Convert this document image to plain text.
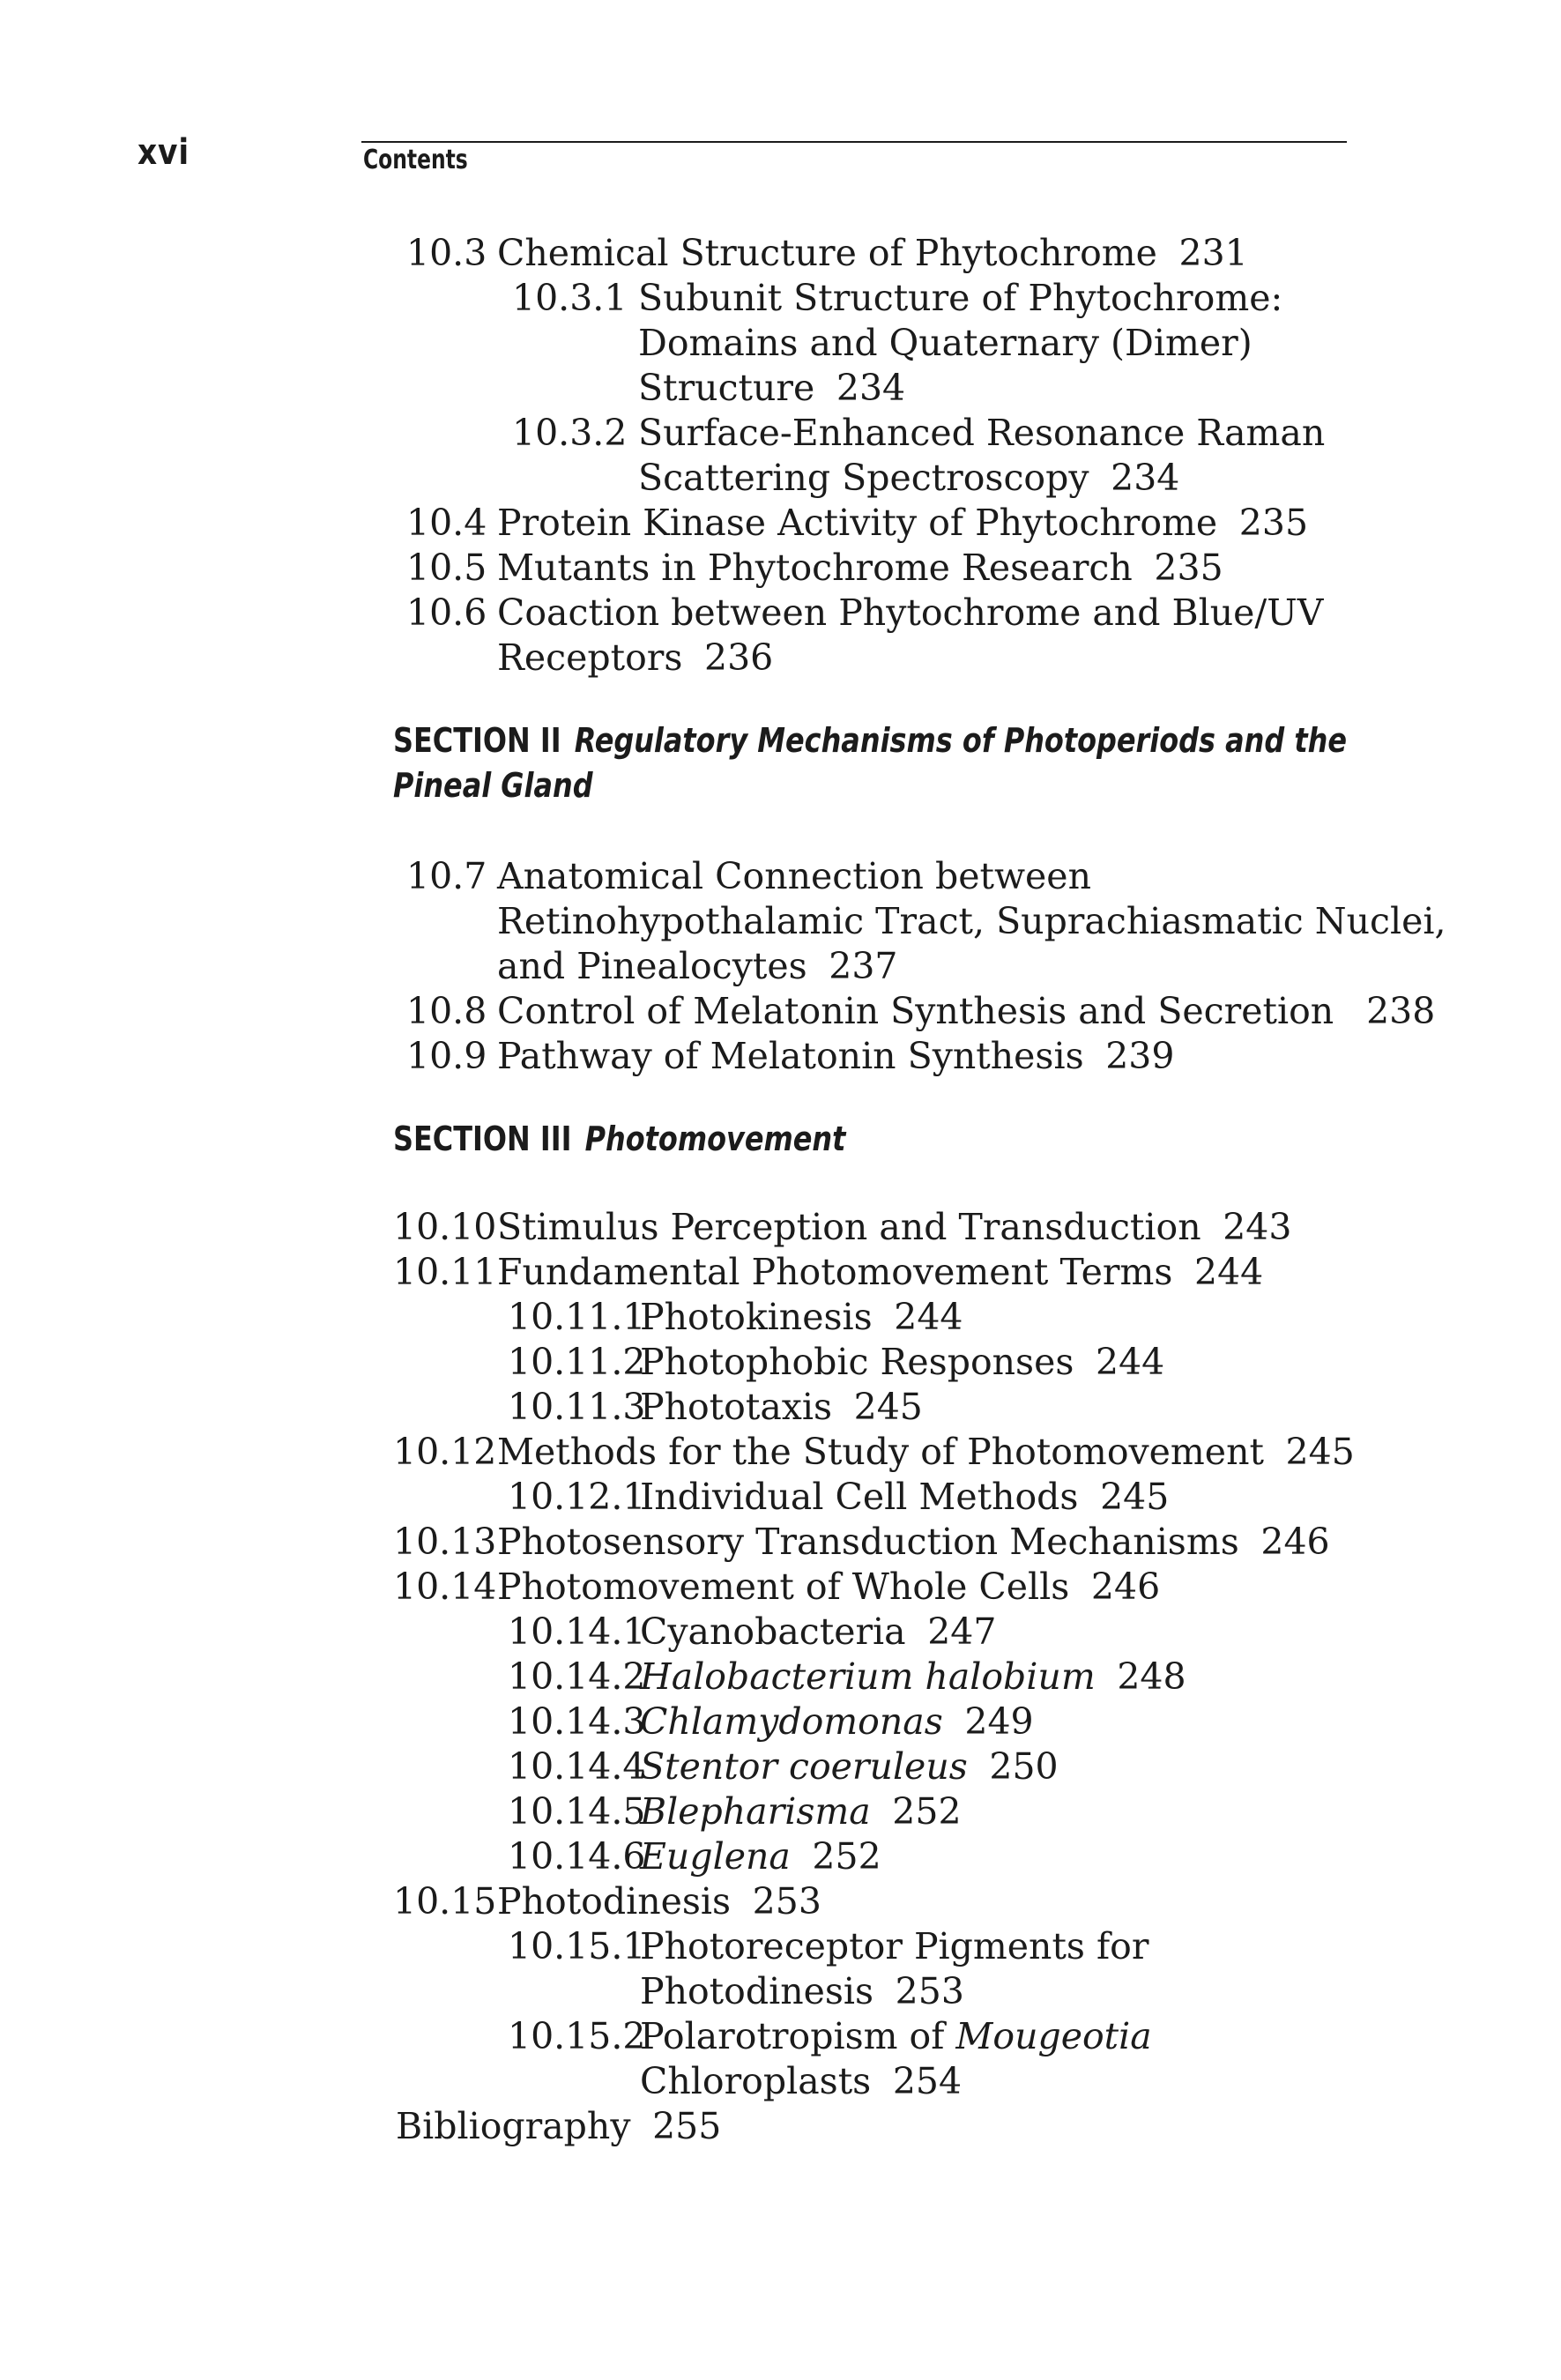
xvi	Contents
10.3 Chemical Structure of Phytochrome 231
10.3.1 Subunit Structure of Phytochrome:
Domains and Quaternary (Dimer)
Structure 234
10.3.2 Surface-Enhanced Resonance Raman
Scattering Spectroscopy 234
10.4 Protein Kinase Activity of Phytochrome 235
10.5 Mutants in Phytochrome Research 235
10.6 Coaction between Phytochrome and Blue/UV
Receptors 236
SECTION II Regulatory Mechanisms of Photoperiods and the
Pineal Gland
10.7 Anatomical Connection between
Retinohypothalamic Tract, Suprachiasmatic Nuclei,
and Pinealocytes 237
10.8 Control of Melatonin Synthesis and Secretion 238
10.9 Pathway of Melatonin Synthesis 239
SECTION III Photomovement
10.10 Stimulus Perception and Transduction 243
10.11 Fundamental Photomovement Terms 244
10.11.1
Photokinesis 244
10.11.2
Photophobic Responses 244
10.11.3
Phototaxis 245
10.12 Methods for the Study of Photomovement 245
10.12.1
Individual Cell Methods 245
10.13 Photosensory Transduction Mechanisms 246
10.14 Photomovement of Whole Cells 246
10.14.1
Cyanobacteria 247
10.14.2
Halobacterium halobium 248
10.14.3
Chlamydomonas 249
10.14.4
Stentor coeruleus 250
10.14.5
Blepharisma 252
10.14.6
Euglena 252
10.15 Photodinesis 253
10.15.1
Photoreceptor Pigments for
Photodinesis 253
10.15.2
Polarotropism of Mougeotia
Chloroplasts 254
Bibliography 255
